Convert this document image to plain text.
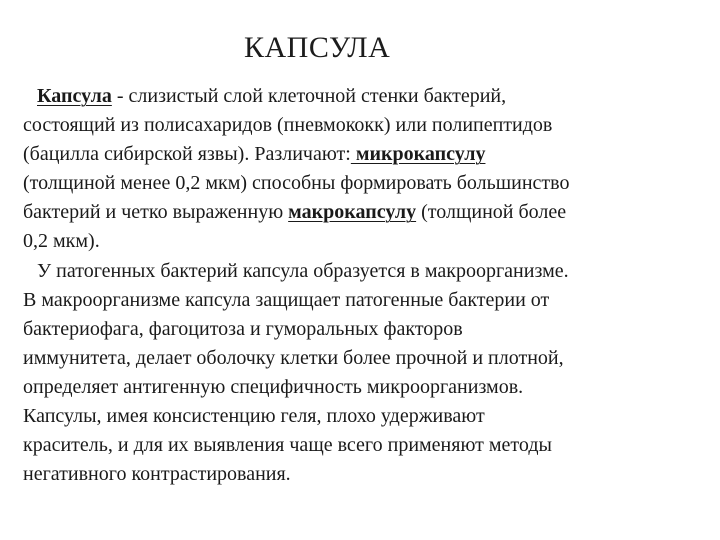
КАПСУЛА
Капсула - слизистый слой клеточной стенки бактерий,
состоящий из полисахаридов (пневмококк) или полипептидов
(бацилла сибирской язвы). Различают: микрокапсулу
(толщиной менее 0,2 мкм) способны формировать большинство
бактерий и четко выраженную макрокапсулу (толщиной более
0,2 мкм).
У патогенных бактерий капсула образуется в макроорганизме.
В макроорганизме капсула защищает патогенные бактерии от
бактериофага, фагоцитоза и гуморальных факторов
иммунитета, делает оболочку клетки более прочной и плотной,
определяет антигенную специфичность микроорганизмов.
Капсулы, имея консистенцию геля, плохо удерживают
краситель, и для их выявления чаще всего применяют методы
негативного контрастирования.
